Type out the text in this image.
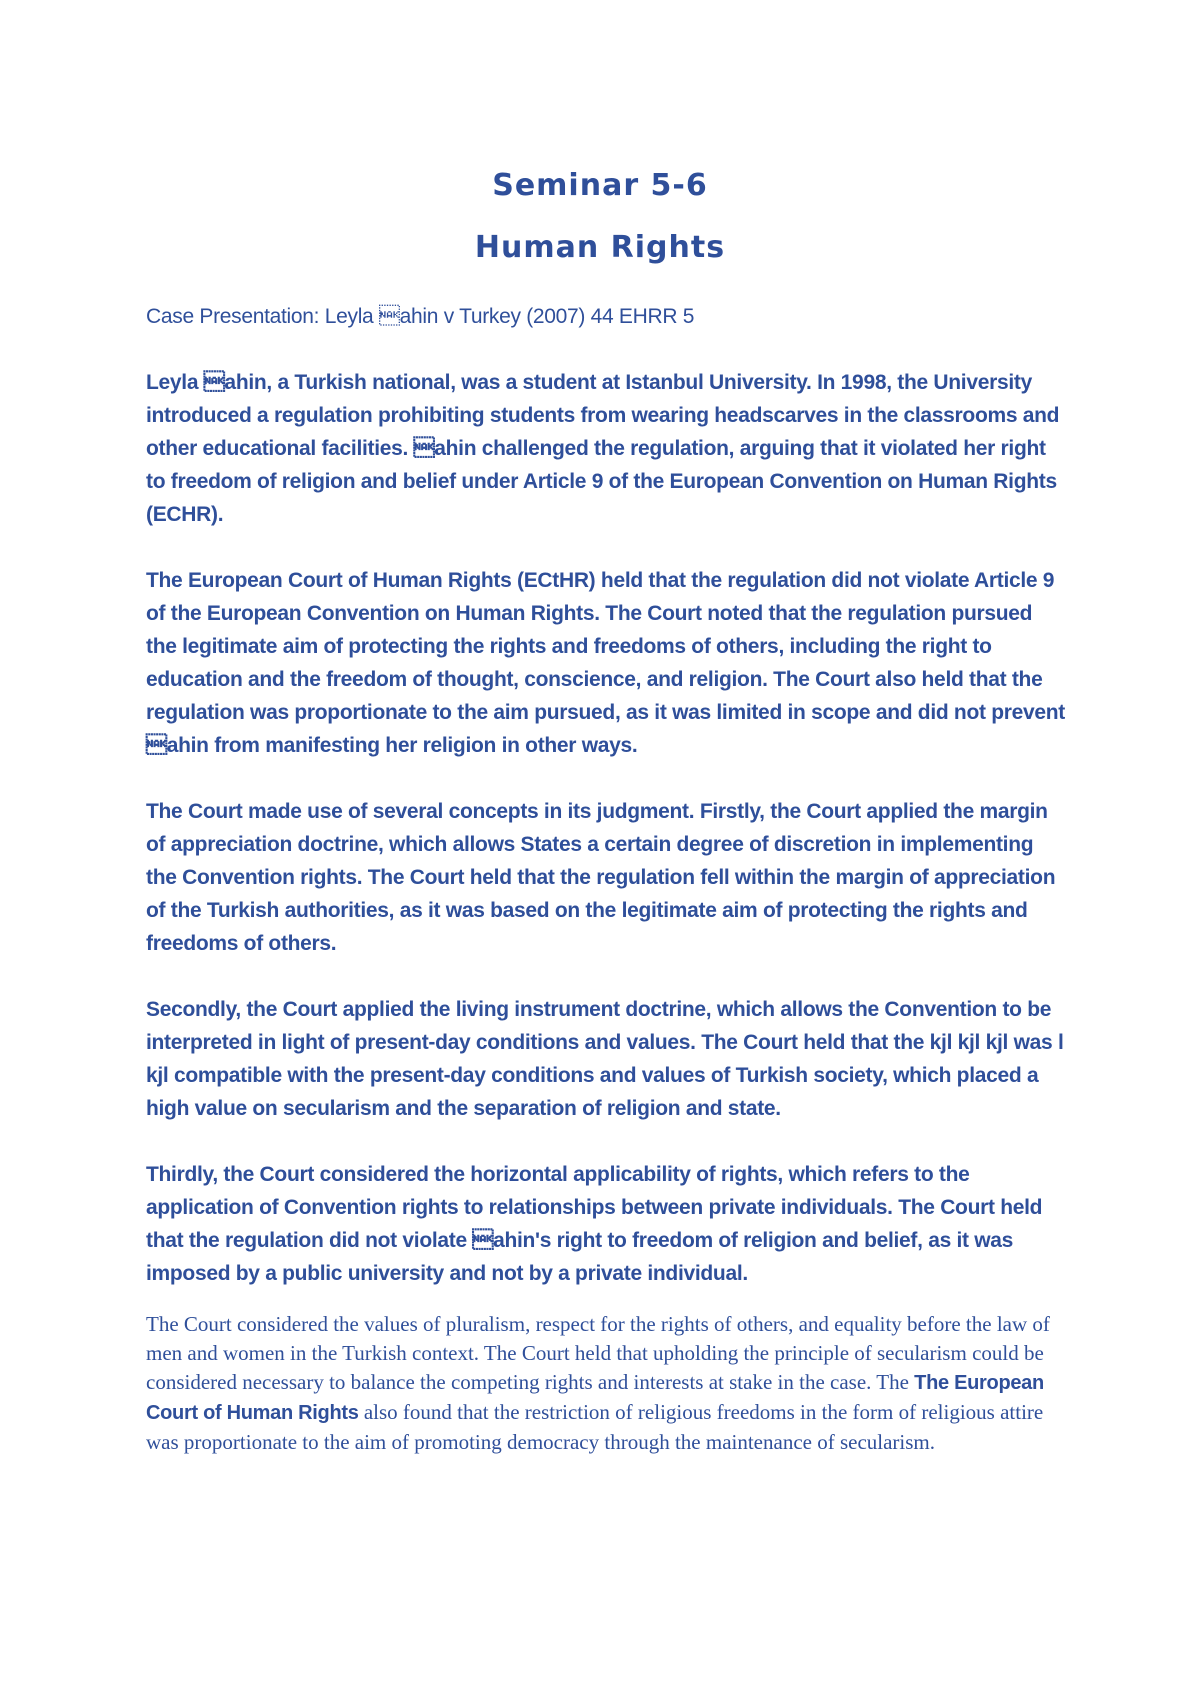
Seminar 5-6
Human Rights

Case Presentation: Leyla ahin v Turkey (2007) 44 EHRR 5

Leyla ahin, a Turkish national, was a student at Istanbul University. In 1998, the University introduced a regulation prohibiting students from wearing headscarves in the classrooms and other educational facilities. ahin challenged the regulation, arguing that it violated her right to freedom of religion and belief under Article 9 of the European Convention on Human Rights (ECHR).

The European Court of Human Rights (ECtHR) held that the regulation did not violate Article 9 of the European Convention on Human Rights. The Court noted that the regulation pursued the legitimate aim of protecting the rights and freedoms of others, including the right to education and the freedom of thought, conscience, and religion. The Court also held that the regulation was proportionate to the aim pursued, as it was limited in scope and did not prevent ahin from manifesting her religion in other ways.

The Court made use of several concepts in its judgment. Firstly, the Court applied the margin of appreciation doctrine, which allows States a certain degree of discretion in implementing the Convention rights. The Court held that the regulation fell within the margin of appreciation of the Turkish authorities, as it was based on the legitimate aim of protecting the rights and freedoms of others.

Secondly, the Court applied the living instrument doctrine, which allows the Convention to be interpreted in light of present-day conditions and values. The Court held that the kjl kjl kjl was l kjl compatible with the present-day conditions and values of Turkish society, which placed a high value on secularism and the separation of religion and state.

Thirdly, the Court considered the horizontal applicability of rights, which refers to the application of Convention rights to relationships between private individuals. The Court held that the regulation did not violate ahin's right to freedom of religion and belief, as it was imposed by a public university and not by a private individual.

The Court considered the values of pluralism, respect for the rights of others, and equality before the law of men and women in the Turkish context. The Court held that upholding the principle of secularism could be considered necessary to balance the competing rights and interests at stake in the case. The The European Court of Human Rights also found that the restriction of religious freedoms in the form of religious attire was proportionate to the aim of promoting democracy through the maintenance of secularism.
